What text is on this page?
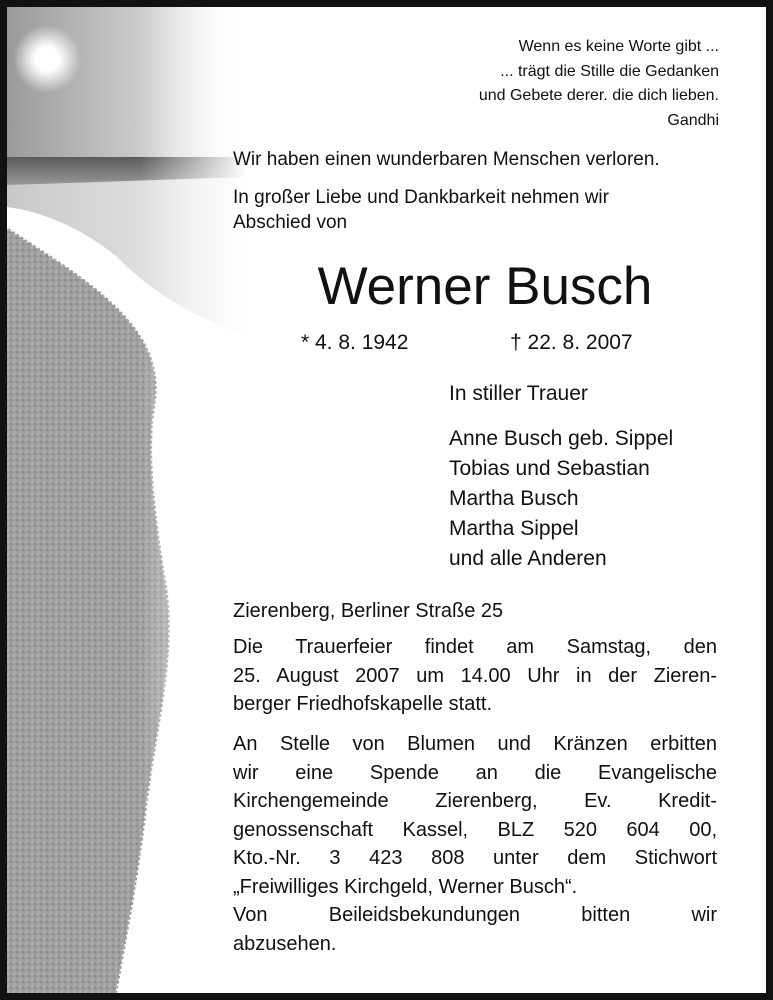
Wenn es keine Worte gibt ...
... trägt die Stille die Gedanken
und Gebete derer. die dich lieben.
Gandhi
Wir haben einen wunderbaren Menschen verloren.
In großer Liebe und Dankbarkeit nehmen wir
Abschied von
Werner Busch
* 4. 8. 1942	† 22. 8. 2007
In stiller Trauer
Anne Busch geb. Sippel
Tobias und Sebastian
Martha Busch
Martha Sippel
und alle Anderen
Zierenberg, Berliner Straße 25
Die Trauerfeier findet am Samstag, den
25. August 2007 um 14.00 Uhr in der Zieren-
berger Friedhofskapelle statt.
An Stelle von Blumen und Kränzen erbitten
wir eine Spende an die Evangelische
Kirchengemeinde Zierenberg, Ev. Kredit-
genossenschaft Kassel, BLZ 520 604 00,
Kto.-Nr. 3 423 808 unter dem Stichwort
„Freiwilliges Kirchgeld, Werner Busch“.
Von Beileidsbekundungen bitten wir
abzusehen.
